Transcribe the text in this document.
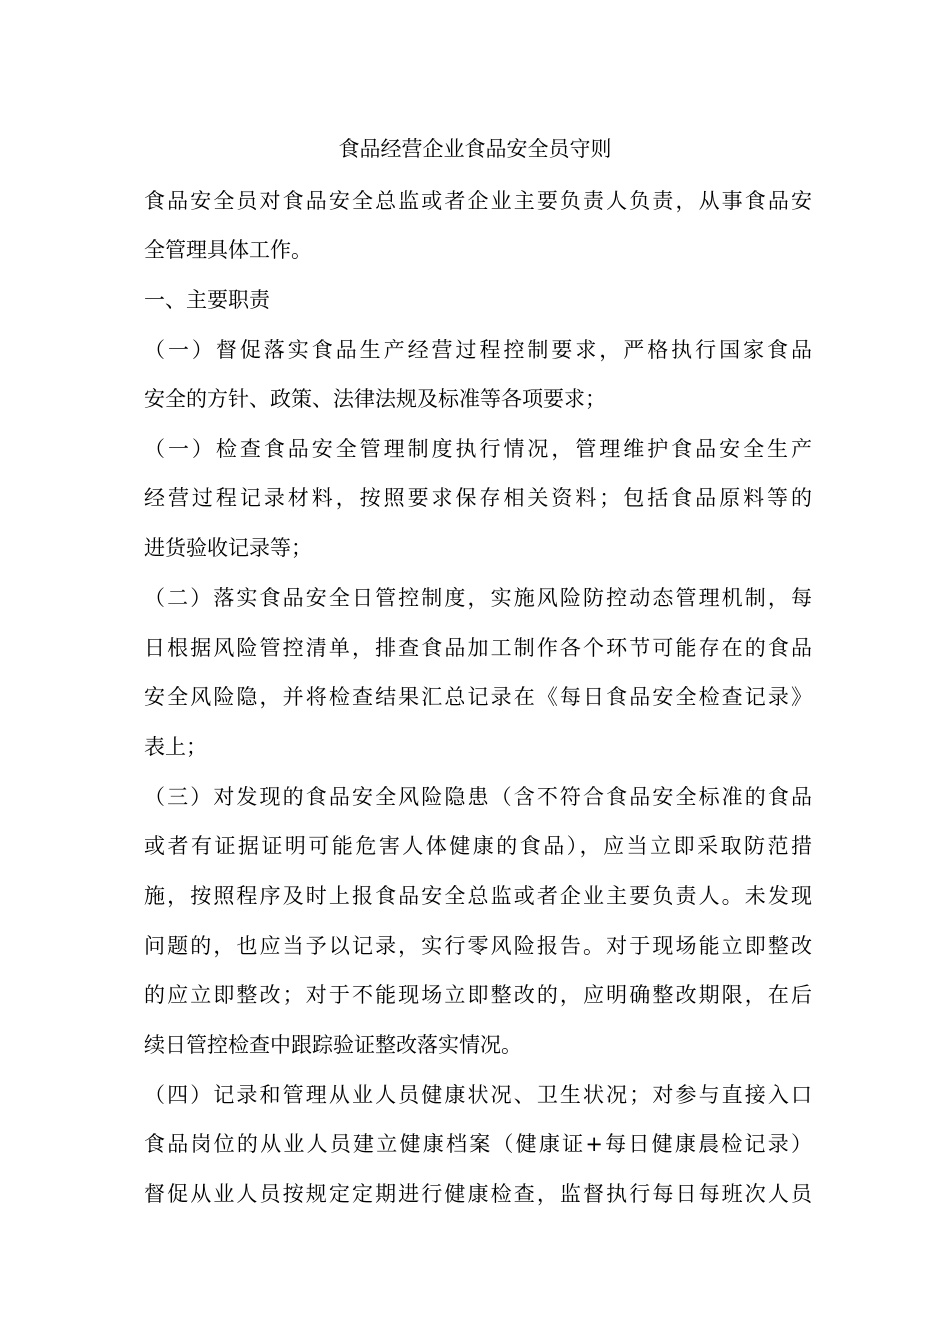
食品经营企业食品安全员守则
食品安全员对食品安全总监或者企业主要负责人负责，从事食品安
全管理具体工作。
一、主要职责
（一）督促落实食品生产经营过程控制要求，严格执行国家食品
安全的方针、政策、法律法规及标准等各项要求；
（一）检查食品安全管理制度执行情况，管理维护食品安全生产
经营过程记录材料，按照要求保存相关资料；包括食品原料等的
进货验收记录等；
（二）落实食品安全日管控制度，实施风险防控动态管理机制，每
日根据风险管控清单，排查食品加工制作各个环节可能存在的食品
安全风险隐，并将检查结果汇总记录在《每日食品安全检查记录》
表上；
（三）对发现的食品安全风险隐患（含不符合食品安全标准的食品
或者有证据证明可能危害人体健康的食品），应当立即采取防范措
施，按照程序及时上报食品安全总监或者企业主要负责人。未发现
问题的，也应当予以记录，实行零风险报告。对于现场能立即整改
的应立即整改；对于不能现场立即整改的，应明确整改期限，在后
续日管控检查中跟踪验证整改落实情况。
（四）记录和管理从业人员健康状况、卫生状况；对参与直接入口
食品岗位的从业人员建立健康档案（健康证+每日健康晨检记录）
督促从业人员按规定定期进行健康检查，监督执行每日每班次人员
